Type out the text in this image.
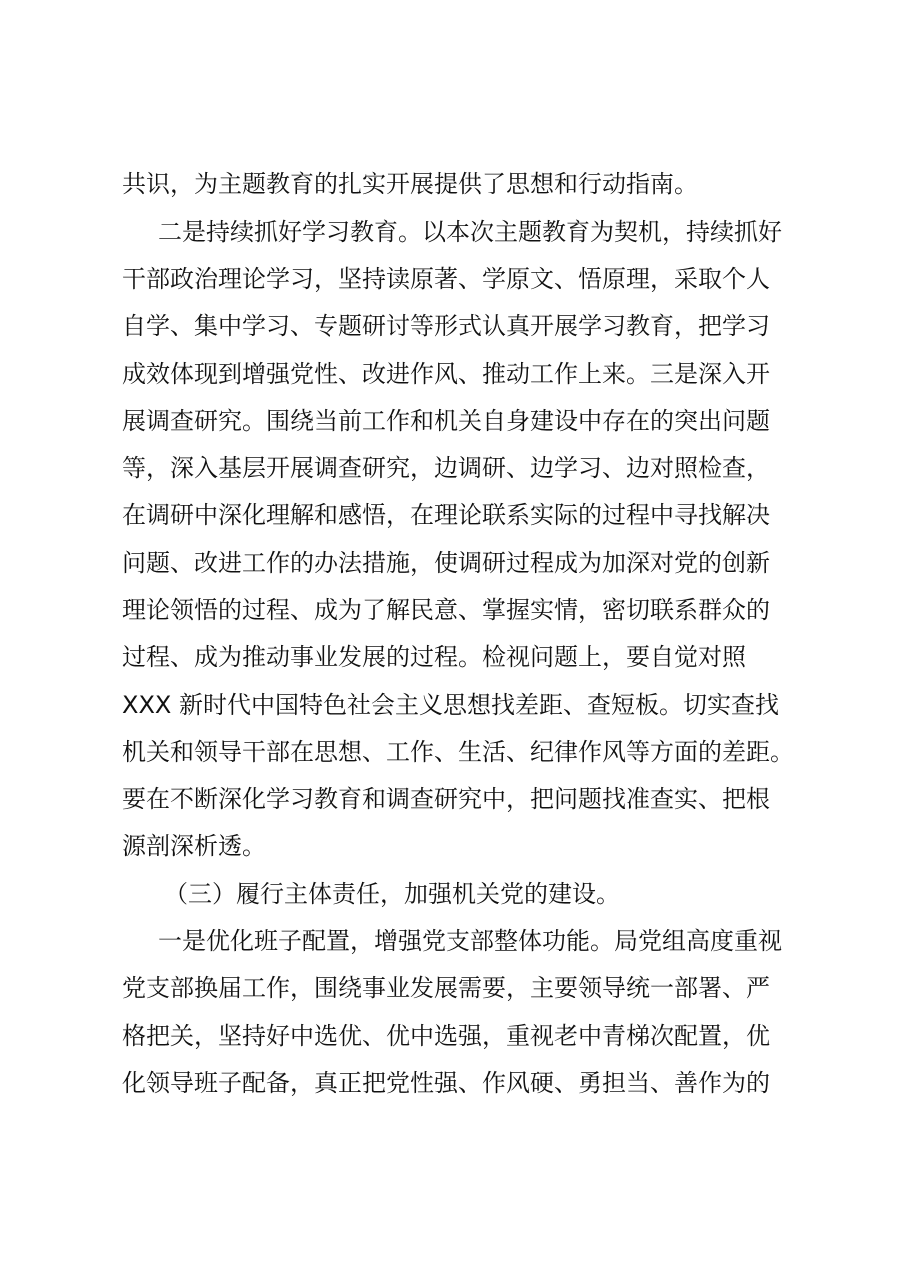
共识，为主题教育的扎实开展提供了思想和行动指南。
二是持续抓好学习教育。以本次主题教育为契机，持续抓好
干部政治理论学习，坚持读原著、学原文、悟原理，采取个人
自学、集中学习、专题研讨等形式认真开展学习教育，把学习
成效体现到增强党性、改进作风、推动工作上来。三是深入开
展调查研究。围绕当前工作和机关自身建设中存在的突出问题
等，深入基层开展调查研究，边调研、边学习、边对照检查，
在调研中深化理解和感悟，在理论联系实际的过程中寻找解决
问题、改进工作的办法措施，使调研过程成为加深对党的创新
理论领悟的过程、成为了解民意、掌握实情，密切联系群众的
过程、成为推动事业发展的过程。检视问题上，要自觉对照
XXX 新时代中国特色社会主义思想找差距、查短板。切实查找
机关和领导干部在思想、工作、生活、纪律作风等方面的差距。
要在不断深化学习教育和调查研究中，把问题找准查实、把根
源剖深析透。
（三）履行主体责任，加强机关党的建设。
一是优化班子配置，增强党支部整体功能。局党组高度重视
党支部换届工作，围绕事业发展需要，主要领导统一部署、严
格把关，坚持好中选优、优中选强，重视老中青梯次配置，优
化领导班子配备，真正把党性强、作风硬、勇担当、善作为的
